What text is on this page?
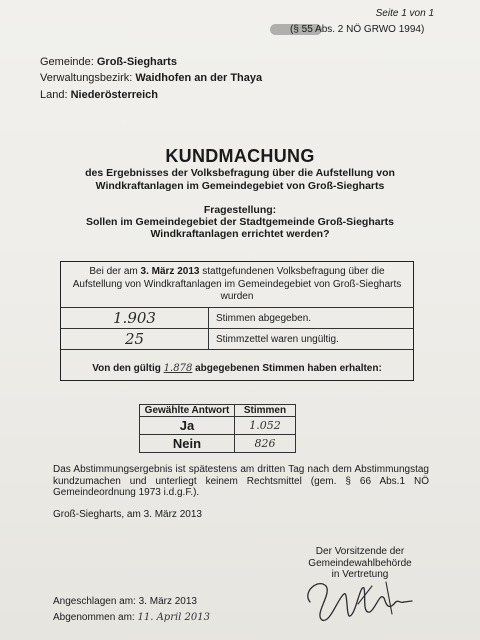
Seite 1 von 1
(§ 55 Abs. 2 NÖ GRWO 1994)
Gemeinde: Groß-Siegharts
Verwaltungsbezirk: Waidhofen an der Thaya
Land: Niederösterreich
KUNDMACHUNG
des Ergebnisses der Volksbefragung über die Aufstellung von
Windkraftanlagen im Gemeindegebiet von Groß-Siegharts
Fragestellung:
Sollen im Gemeindegebiet der Stadtgemeinde Groß-Siegharts
Windkraftanlagen errichtet werden?
Bei der am 3. März 2013 stattgefundenen Volksbefragung über die
Aufstellung von Windkraftanlagen im Gemeindegebiet von Groß-Siegharts
wurden
1.903	Stimmen abgegeben.
25	Stimmzettel waren ungültig.
Von den gültig 1.878 abgegebenen Stimmen haben erhalten:
Gewählte Antwort	Stimmen
Ja	1.052
Nein	826
Das Abstimmungsergebnis ist spätestens am dritten Tag nach dem Abstimmungstag kundzumachen und unterliegt keinem Rechtsmittel (gem. § 66 Abs.1 NÖ Gemeindeordnung 1973 i.d.g.F.).
Groß-Siegharts, am 3. März 2013
Der Vorsitzende der
Gemeindewahlbehörde
in Vertretung
Angeschlagen am: 3. März 2013
Abgenommen am: 11. April 2013
